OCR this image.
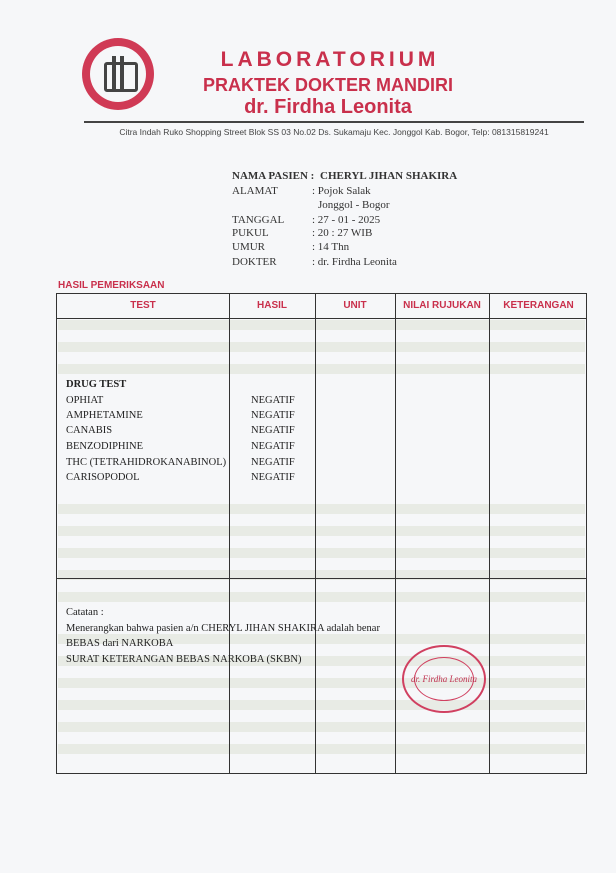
LABORATORIUM
PRAKTEK DOKTER MANDIRI
dr. Firdha Leonita
Citra Indah Ruko Shopping Street Blok SS 03 No.02 Ds. Sukamaju Kec. Jonggol Kab. Bogor, Telp: 081315819241
NAMA PASIEN : CHERYL JIHAN SHAKIRA
ALAMAT	: Pojok Salak
Jonggol - Bogor
TANGGAL	: 27 - 01 - 2025
PUKUL	: 20 : 27 WIB
UMUR	: 14 Thn
DOKTER	: dr. Firdha Leonita
HASIL PEMERIKSAAN
TEST	HASIL	UNIT	NILAI RUJUKAN	KETERANGAN
DRUG TEST
OPHIAT	NEGATIF
AMPHETAMINE	NEGATIF
CANABIS	NEGATIF
BENZODIPHINE	NEGATIF
THC (TETRAHIDROKANABINOL) NEGATIF
CARISOPODOL	NEGATIF
Catatan :
Menerangkan bahwa pasien a/n CHERYL JIHAN SHAKIRA adalah benar
BEBAS dari NARKOBA
SURAT KETERANGAN BEBAS NARKOBA (SKBN)
dr. Firdha Leonita
